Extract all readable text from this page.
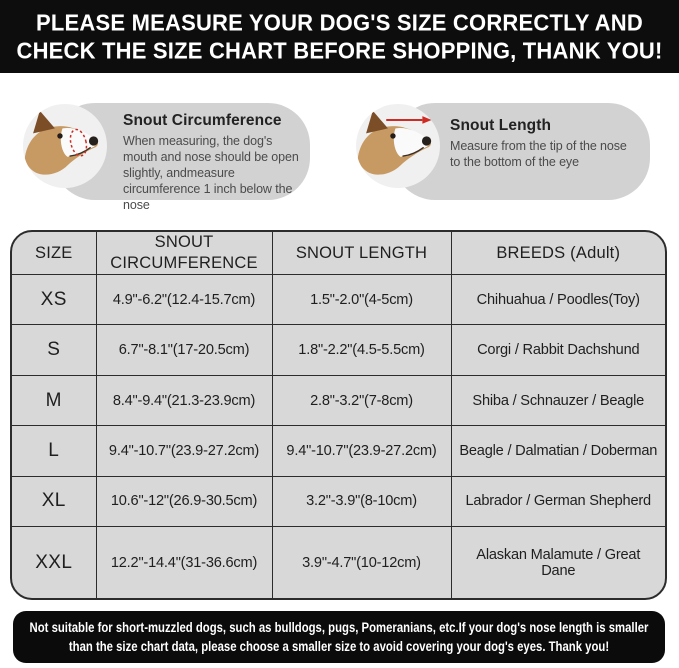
PLEASE MEASURE YOUR DOG'S SIZE CORRECTLY AND
CHECK THE SIZE CHART BEFORE SHOPPING, THANK YOU!
Snout Circumference

When measuring, the dog's mouth and nose should be open slightly, andmeasure circumference 1 inch below the nose

Snout Length

Measure from the tip of the nose to the bottom of the eye

SIZE	SNOUT CIRCUMFERENCE	SNOUT LENGTH	BREEDS (Adult)
XS	4.9"-6.2"(12.4-15.7cm)	1.5"-2.0"(4-5cm)	Chihuahua / Poodles(Toy)
S	6.7"-8.1"(17-20.5cm)	1.8"-2.2"(4.5-5.5cm)	Corgi / Rabbit Dachshund
M	8.4"-9.4"(21.3-23.9cm)	2.8"-3.2"(7-8cm)	Shiba / Schnauzer / Beagle
L	9.4"-10.7"(23.9-27.2cm)	9.4"-10.7"(23.9-27.2cm)	Beagle / Dalmatian / Doberman
XL	10.6"-12"(26.9-30.5cm)	3.2"-3.9"(8-10cm)	Labrador / German Shepherd
XXL	12.2"-14.4"(31-36.6cm)	3.9"-4.7"(10-12cm)	Alaskan Malamute / Great Dane

Not suitable for short-muzzled dogs, such as bulldogs, pugs, Pomeranians, etc.If your dog's nose length is smaller than the size chart data, please choose a smaller size to avoid covering your dog's eyes. Thank you!
